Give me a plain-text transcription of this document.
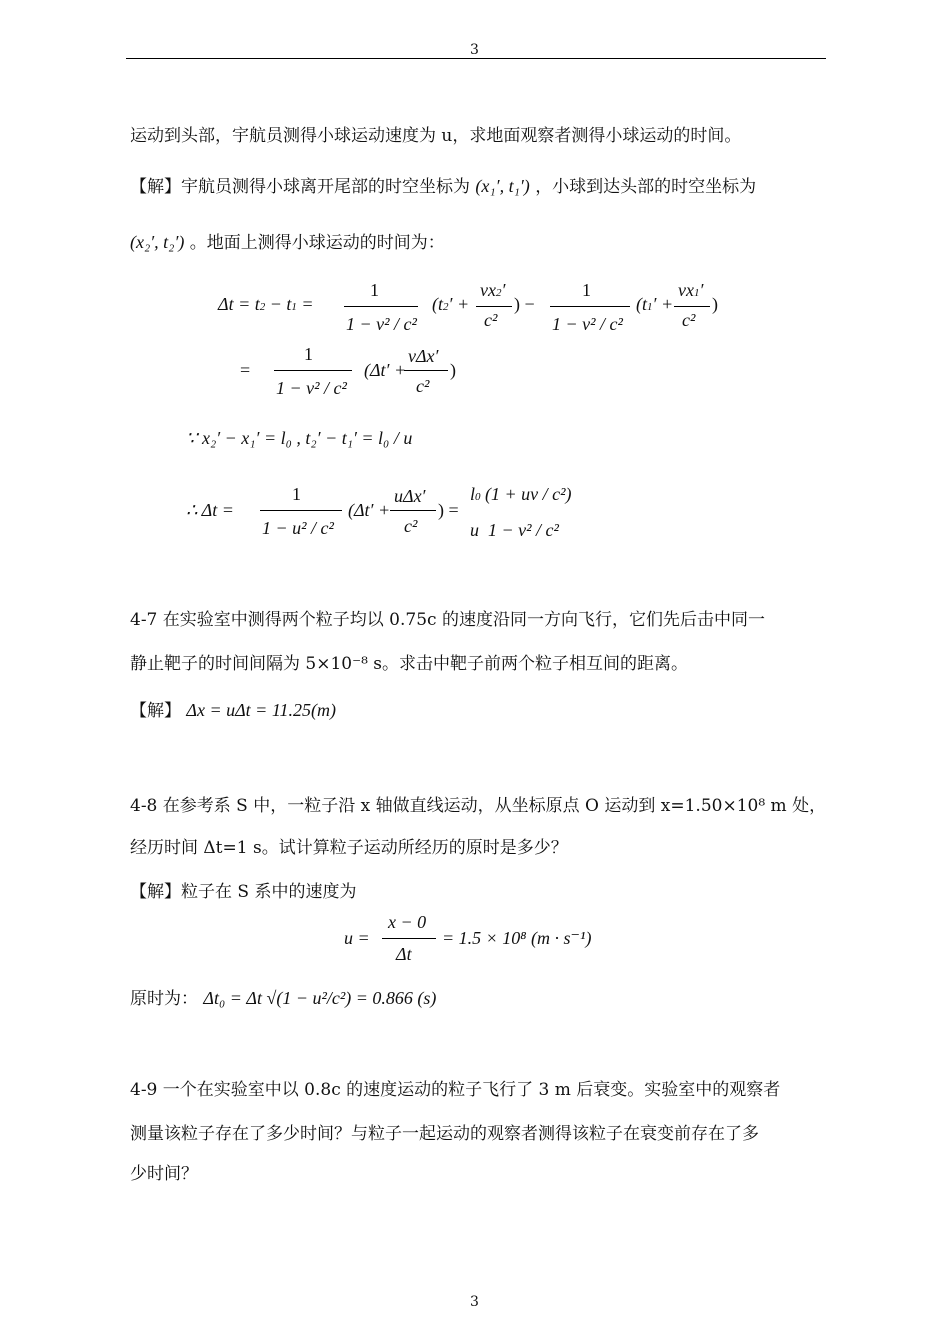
3
运动到头部，宇航员测得小球运动速度为 u，求地面观察者测得小球运动的时间。
【解】宇航员测得小球离开尾部的时空坐标为 (x₁′, t₁′) ，小球到达头部的时空坐标为
(x₂′, t₂′) 。地面上测得小球运动的时间为：
Δt = t2 − t1 =
1
1 − v² / c²
(t2′ +
vx2′
c²
) −
1
1 − v² / c²
(t1′ +
vx1′
c²
)
=
1
1 − v² / c²
(Δt′ +
vΔx′
c²
)
∵ x₂′ − x₁′ = l₀ , t₂′ − t₁′ = l₀ / u
∴ Δt =
1
1 − u² / c²
(Δt′ +
uΔx′
c²
) =
l0 (1 + uv / c²)
u  1 − v² / c²
4-7 在实验室中测得两个粒子均以 0.75c 的速度沿同一方向飞行，它们先后击中同一
静止靶子的时间间隔为 5×10⁻⁸ s。求击中靶子前两个粒子相互间的距离。
【解】 Δx = uΔt = 11.25(m)
4-8 在参考系 S 中，一粒子沿 x 轴做直线运动，从坐标原点 O 运动到 x=1.50×10⁸ m 处，
经历时间 Δt=1 s。试计算粒子运动所经历的原时是多少？
【解】粒子在 S 系中的速度为
u =
x − 0
Δt
= 1.5 × 10⁸ (m · s⁻¹)
原时为： Δt₀ = Δt √(1 − u²/c²) = 0.866 (s)
4-9 一个在实验室中以 0.8c 的速度运动的粒子飞行了 3 m 后衰变。实验室中的观察者
测量该粒子存在了多少时间？与粒子一起运动的观察者测得该粒子在衰变前存在了多
少时间？
3
